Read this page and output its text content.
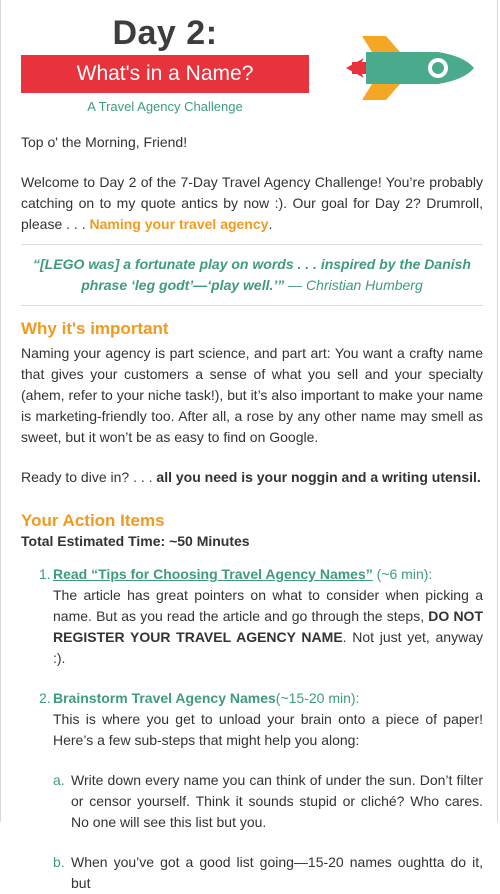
Day 2:
What's in a Name?
A Travel Agency Challenge

Top o' the Morning, Friend!

Welcome to Day 2 of the 7-Day Travel Agency Challenge! You’re probably catching on to my quote antics by now :). Our goal for Day 2? Drumroll, please . . . Naming your travel agency.

“[LEGO was] a fortunate play on words . . . inspired by the Danish phrase ‘leg godt’—‘play well.’” — Christian Humberg
Why it's important

Naming your agency is part science, and part art: You want a crafty name that gives your customers a sense of what you sell and your specialty (ahem, refer to your niche task!), but it’s also important to make your name is marketing-friendly too. After all, a rose by any other name may smell as sweet, but it won’t be as easy to find on Google.

Ready to dive in? . . . all you need is your noggin and a writing utensil.

Your Action Items

Total Estimated Time: ~50 Minutes

1. Read “Tips for Choosing Travel Agency Names” (~6 min):

The article has great pointers on what to consider when picking a name. But as you read the article and go through the steps, DO NOT REGISTER YOUR TRAVEL AGENCY NAME. Not just yet, anyway :).

2. Brainstorm Travel Agency Names(~15-20 min):

This is where you get to unload your brain onto a piece of paper! Here’s a few sub-steps that might help you along:

a. Write down every name you can think of under the sun. Don’t filter or censor yourself. Think it sounds stupid or cliché? Who cares. No one will see this list but you.

b. When you’ve got a good list going—15-20 names oughtta do it, but
